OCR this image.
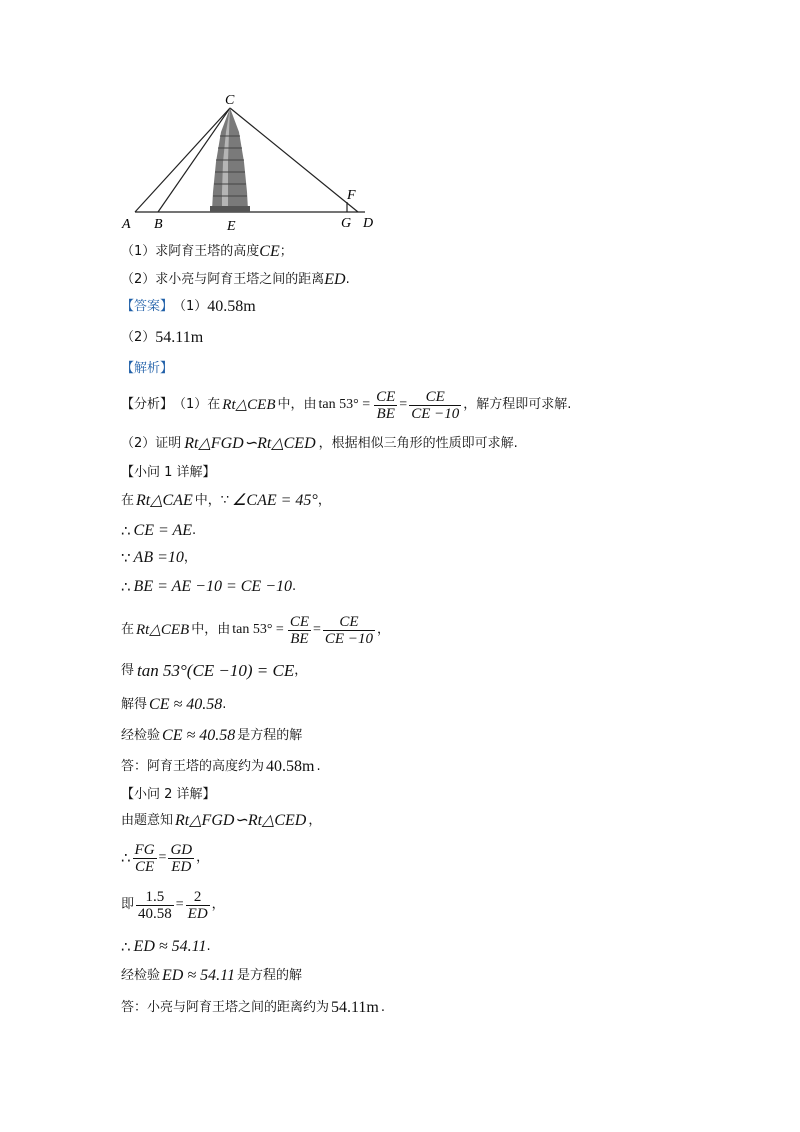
C
A B	E
F
G D
（1）求阿育王塔的高度 CE ；
（2）求小亮与阿育王塔之间的距离 ED .
【答案】 （1） 40.58m
（2） 54.11m
【解析】
【分析】 （1）在 Rt△CEB 中，由 $\tan 53^\circ = \frac{CE}{BE} = \frac{CE}{CE -10}$ ，解方程即可求解.
（2）证明 Rt△FGD∽Rt△CED ，根据相似三角形的性质即可求解.
【小问 1 详解】
在 Rt△CAE 中，∵ ∠CAE = 45° ，
∴ CE = AE .
∵ AB =10 ，
∴ BE = AE −10 = CE −10 .
在 Rt△CEB 中，由 $\tan 53^\circ = \frac{CE}{BE} = \frac{CE}{CE -10}$ ，
得 tan 53°(CE −10) = CE ，
解得 CE ≈ 40.58 .
经检验 CE ≈ 40.58 是方程的解
答：阿育王塔的高度约为 40.58m .
【小问 2 详解】
由题意知 Rt△FGD∽Rt△CED ，
∴ $\frac{FG}{CE} = \frac{GD}{ED}$ ，
即 $\frac{1.5}{40.58} = \frac{2}{ED}$ ，
∴ ED ≈ 54.11 .
经检验 ED ≈ 54.11 是方程的解
答：小亮与阿育王塔之间的距离约为 54.11m .
